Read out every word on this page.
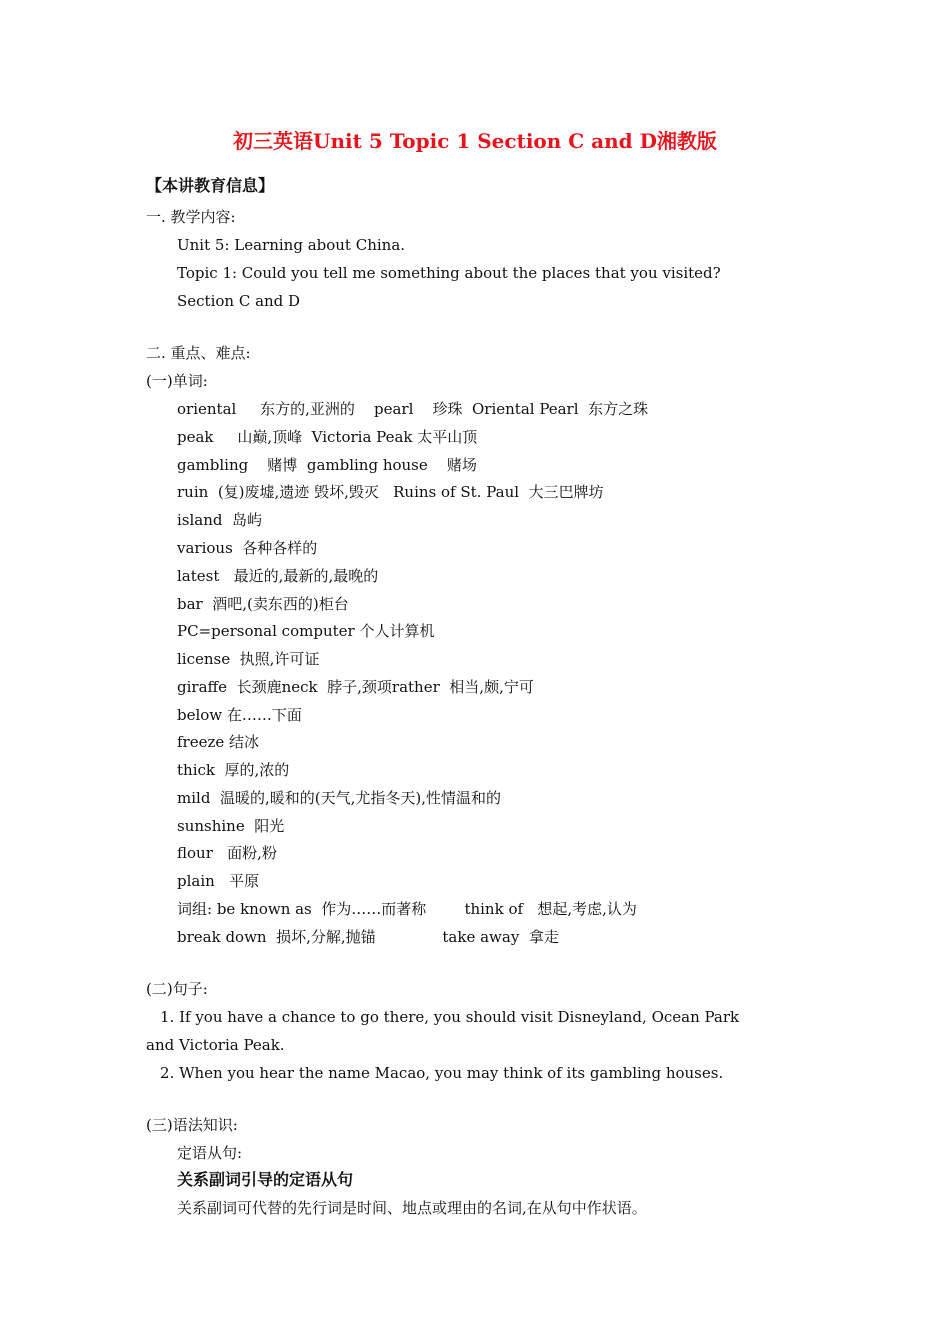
初三英语Unit 5 Topic 1 Section C and D湘教版
【本讲教育信息】
一. 教学内容:
Unit 5: Learning about China.
Topic 1: Could you tell me something about the places that you visited?
Section C and D
二. 重点、难点:
(一)单词:
oriental     东方的,亚洲的    pearl    珍珠  Oriental Pearl  东方之珠
peak     山巅,顶峰  Victoria Peak 太平山顶
gambling    赌博  gambling house    赌场
ruin  (复)废墟,遗迹 毁坏,毁灭   Ruins of St. Paul  大三巴牌坊
island  岛屿
various  各种各样的
latest   最近的,最新的,最晚的
bar  酒吧,(卖东西的)柜台
PC=personal computer 个人计算机
license  执照,许可证
giraffe  长颈鹿neck  脖子,颈项rather  相当,颇,宁可
below 在……下面
freeze 结冰
thick  厚的,浓的
mild  温暖的,暖和的(天气,尤指冬天),性情温和的
sunshine  阳光
flour   面粉,粉
plain   平原
词组: be known as  作为……而著称        think of   想起,考虑,认为
break down  损坏,分解,抛锚              take away  拿走
(二)句子:
1. If you have a chance to go there, you should visit Disneyland, Ocean Park
and Victoria Peak.
2. When you hear the name Macao, you may think of its gambling houses.
(三)语法知识:
定语从句:
关系副词引导的定语从句
关系副词可代替的先行词是时间、地点或理由的名词,在从句中作状语。
